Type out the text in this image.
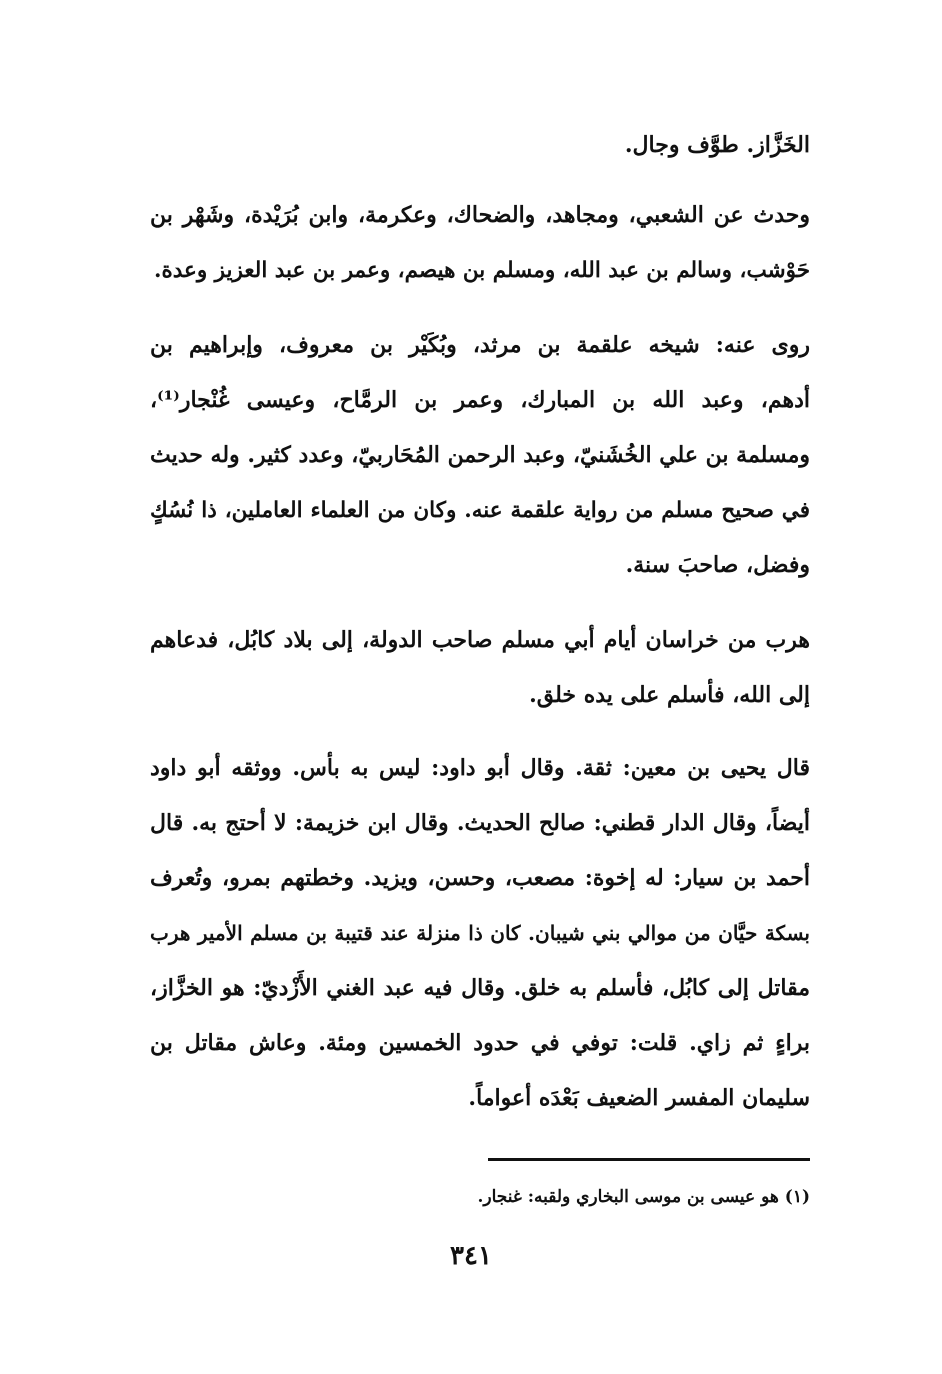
الخَزَّاز. طوَّف وجال.
وحدث عن الشعبي، ومجاهد، والضحاك، وعكرمة، وابن بُرَيْدة، وشَهْر بن
حَوْشب، وسالم بن عبد الله، ومسلم بن هيصم، وعمر بن عبد العزيز وعدة.
روى عنه: شيخه علقمة بن مرثد، وبُكَيْر بن معروف، وإبراهيم بن
أدهم، وعبد الله بن المبارك، وعمر بن الرمَّاح، وعيسى غُنْجار⁽¹⁾،
ومسلمة بن علي الخُشَنيّ، وعبد الرحمن المُحَاربيّ، وعدد كثير. وله حديث
في صحيح مسلم من رواية علقمة عنه. وكان من العلماء العاملين، ذا نُسُكٍ
وفضل، صاحبَ سنة.
هرب من خراسان أيام أبي مسلم صاحب الدولة، إلى بلاد كابُل، فدعاهم
إلى الله، فأسلم على يده خلق.
قال يحيى بن معين: ثقة. وقال أبو داود: ليس به بأس. ووثقه أبو داود
أيضاً، وقال الدار قطني: صالح الحديث. وقال ابن خزيمة: لا أحتج به. قال
أحمد بن سيار: له إخوة: مصعب، وحسن، ويزيد. وخطتهم بمرو، وتُعرف
بسكة حيَّان من موالي بني شيبان. كان ذا منزلة عند قتيبة بن مسلم الأمير هرب
مقاتل إلى كابُل، فأسلم به خلق. وقال فيه عبد الغني الأَزْديّ: هو الخزَّاز،
براءٍ ثم زاي. قلت: توفي في حدود الخمسين ومئة. وعاش مقاتل بن
سليمان المفسر الضعيف بَعْدَه أعواماً.
(١) هو عيسى بن موسى البخاري ولقبه: غنجار.
٣٤١
